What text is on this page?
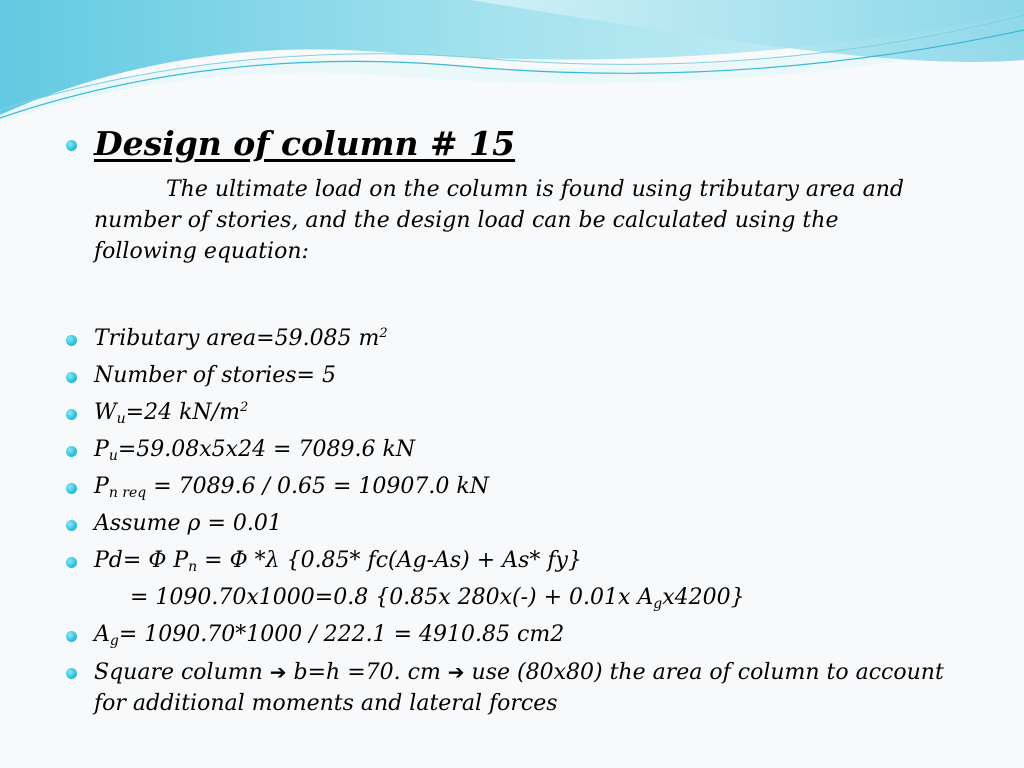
Design of column # 15
The ultimate load on the column is found using tributary area and number of stories, and the design load can be calculated using the following equation:
Tributary area=59.085 $m^2$
Number of stories= 5
$W_u=24$ $kN/m^2$
$P_u=59.08x5x24 = 7089.6$ kN
$P_{n req} = 7089.6 / 0.65 = 10907.0$ kN
Assume ρ = 0.01
Pd= Φ $P_n = \Phi$ *λ {0.85* fc(Ag-As) + As* fy}
= 1090.70x1000=0.8 {0.85x 280x(-) + 0.01x $A_gx4200$}
$A_g= 1090.70*1000 / 222.1 = 4910.85$ cm2
Square column ➔ b=h =70. cm ➔ use (80x80) the area of column to account for additional moments and lateral forces
